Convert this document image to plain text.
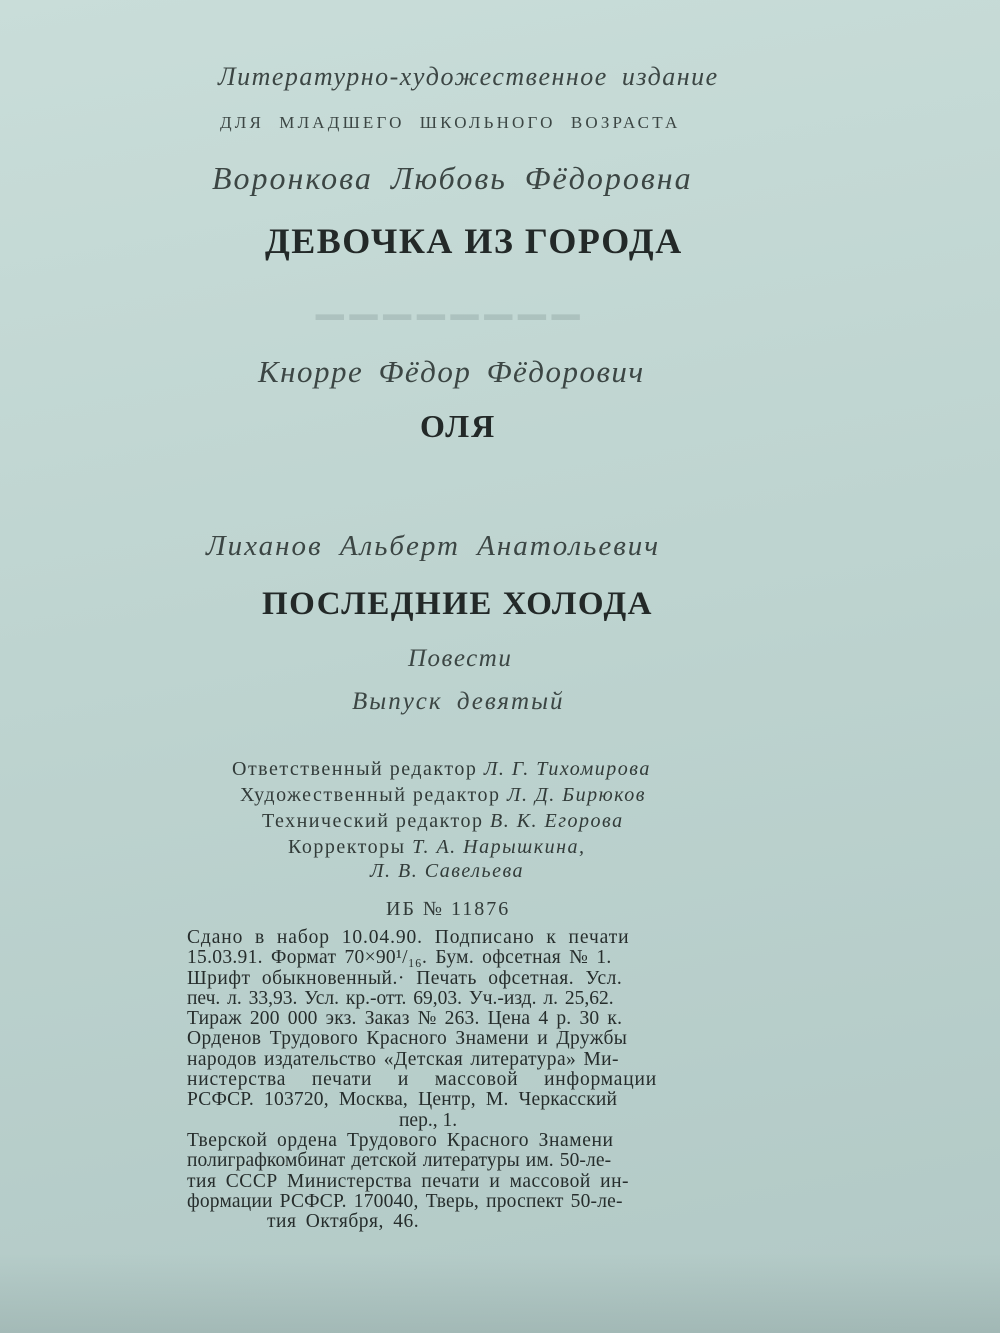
▁▁▁▁▁▁▁▁
Литературно-художественное издание
для младшего школьного возраста
Воронкова Любовь Фёдоровна
ДЕВОЧКА ИЗ ГОРОДА
Кнорре Фёдор Фёдорович
ОЛЯ
Лиханов Альберт Анатольевич
ПОСЛЕДНИЕ ХОЛОДА
Повести
Выпуск девятый
Ответственный редактор Л. Г. Тихомирова
Художественный редактор Л. Д. Бирюков
Технический редактор В. К. Егорова
Корректоры Т. А. Нарышкина,
Л. В. Савельева
ИБ № 11876
Сдано в набор 10.04.90. Подписано к печати
15.03.91. Формат 70×90¹/₁₆. Бум. офсетная № 1.
Шрифт обыкновенный.· Печать офсетная. Усл.
печ. л. 33,93. Усл. кр.-отт. 69,03. Уч.-изд. л. 25,62.
Тираж 200 000 экз. Заказ № 263. Цена 4 р. 30 к.
Орденов Трудового Красного Знамени и Дружбы
народов издательство «Детская литература» Ми-
нистерства печати и массовой информации
РСФСР. 103720, Москва, Центр, М. Черкасский
пер., 1.
Тверской ордена Трудового Красного Знамени
полиграфкомбинат детской литературы им. 50-ле-
тия СССР Министерства печати и массовой ин-
формации РСФСР. 170040, Тверь, проспект 50-ле-
тия Октября, 46.
